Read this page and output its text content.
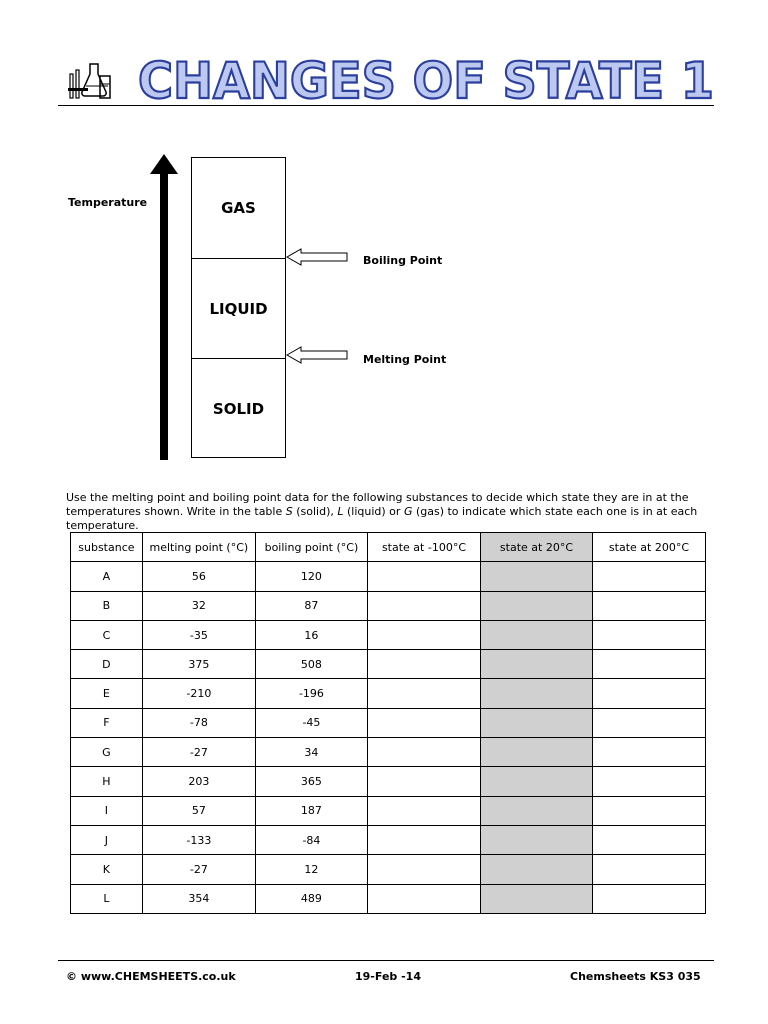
CHANGES OF STATE 1
Temperature	GAS
LIQUID
SOLID
Boiling Point
Melting Point
Use the melting point and boiling point data for the following substances to decide which state they are in at the temperatures shown. Write in the table S (solid), L (liquid) or G (gas) to indicate which state each one is in at each temperature.
substance	melting point (°C)	boiling point (°C)	state at -100°C	state at 20°C	state at 200°C
A	56	120			
B	32	87			
C	-35	16			
D	375	508			
E	-210	-196			
F	-78	-45			
G	-27	34			
H	203	365			
I	57	187			
J	-133	-84			
K	-27	12			
L	354	489			
© www.CHEMSHEETS.co.uk	19-Feb -14	Chemsheets KS3 035
